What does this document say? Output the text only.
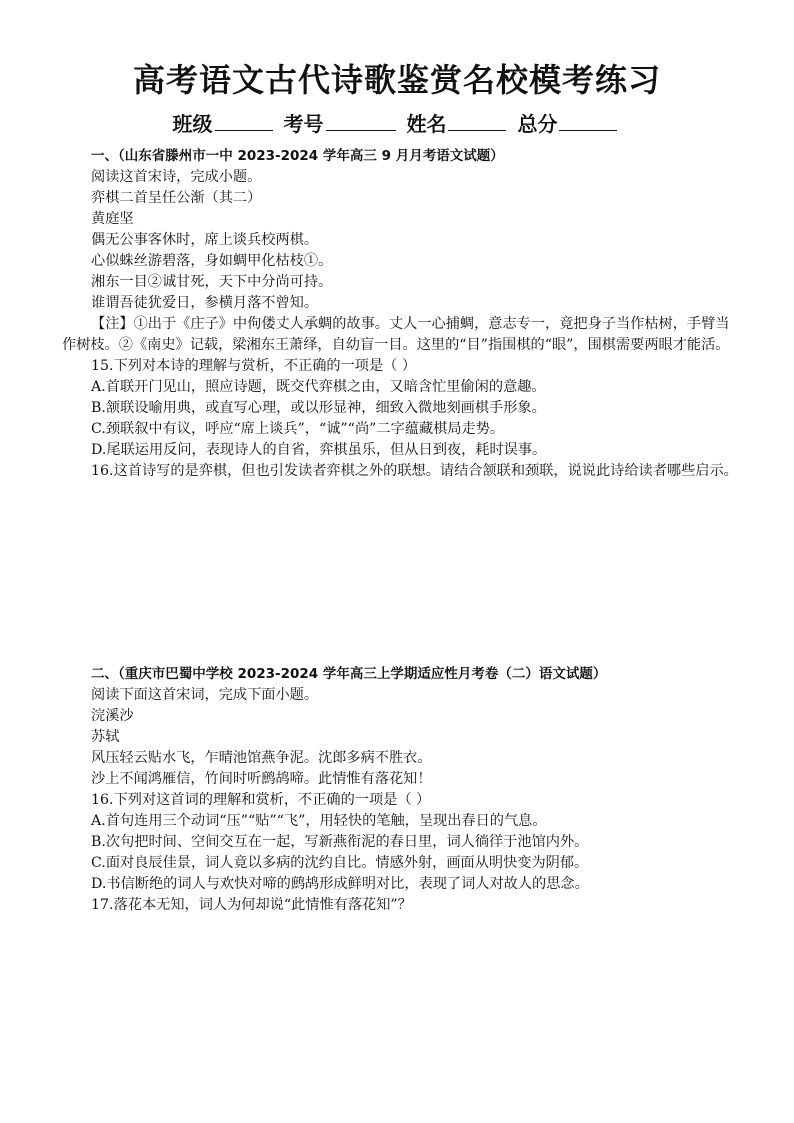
高考语文古代诗歌鉴赏名校模考练习
班级	考号	姓名	总分
一、（山东省滕州市一中 2023-2024 学年高三 9 月月考语文试题）
阅读这首宋诗，完成小题。
弈棋二首呈任公渐（其二）
黄庭坚
偶无公事客休时，席上谈兵校两棋。
心似蛛丝游碧落，身如蜩甲化枯枝①。
湘东一目②诚甘死，天下中分尚可持。
谁谓吾徒犹爱日，参横月落不曾知。
【注】①出于《庄子》中佝偻丈人承蜩的故事。丈人一心捕蜩，意志专一，竟把身子当作枯树，手臂当作树枝。②《南史》记载，梁湘东王萧绎，自幼盲一目。这里的“目”指围棋的“眼”，围棋需要两眼才能活。
15.下列对本诗的理解与赏析，不正确的一项是（ ）
A.首联开门见山，照应诗题，既交代弈棋之由，又暗含忙里偷闲的意趣。
B.颔联设喻用典，或直写心理，或以形显神，细致入微地刻画棋手形象。
C.颈联叙中有议，呼应“席上谈兵”，“诚”“尚”二字蕴藏棋局走势。
D.尾联运用反问，表现诗人的自省，弈棋虽乐，但从日到夜，耗时误事。
16.这首诗写的是弈棋，但也引发读者弈棋之外的联想。请结合颔联和颈联，说说此诗给读者哪些启示。
二、（重庆市巴蜀中学校 2023-2024 学年高三上学期适应性月考卷（二）语文试题）
阅读下面这首宋词，完成下面小题。
浣溪沙
苏轼
风压轻云贴水飞，乍晴池馆燕争泥。沈郎多病不胜衣。
沙上不闻鸿雁信，竹间时听鹧鸪啼。此情惟有落花知！
16.下列对这首词的理解和赏析，不正确的一项是（ ）
A.首句连用三个动词“压”“贴”“飞”，用轻快的笔触，呈现出春日的气息。
B.次句把时间、空间交互在一起，写新燕衔泥的春日里，词人徜徉于池馆内外。
C.面对良辰佳景，词人竟以多病的沈约自比。情感外射，画面从明快变为阴郁。
D.书信断绝的词人与欢快对啼的鹧鸪形成鲜明对比，表现了词人对故人的思念。
17.落花本无知，词人为何却说“此情惟有落花知”？
